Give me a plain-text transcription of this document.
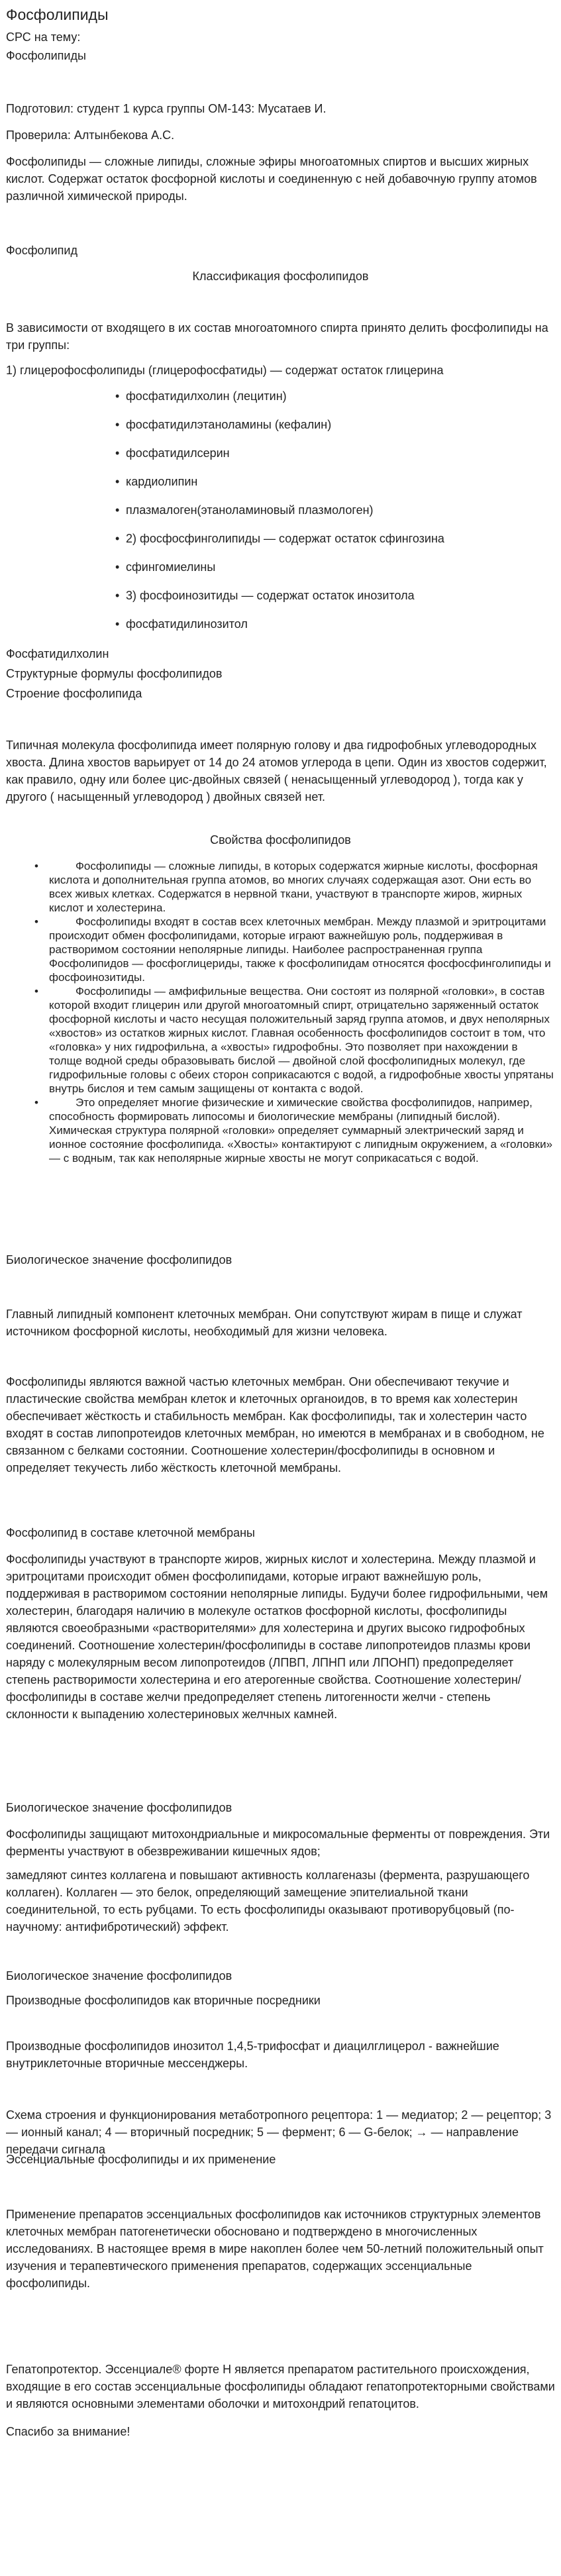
Фосфолипиды

СРС на тему:

Фосфолипиды

Подготовил: студент 1 курса группы ОМ-143: Мусатаев И.

Проверила: Алтынбекова А.С.

Фосфолипиды — сложные липиды, сложные эфиры многоатомных спиртов и высших жирных кислот. Содержат остаток фосфорной кислоты и соединенную с ней добавочную группу атомов различной химической природы.

Фосфолипид

Классификация фосфолипидов

В зависимости от входящего в их состав многоатомного спирта принято делить фосфолипиды на три группы:

1) глицерофосфолипиды (глицерофосфатиды) — содержат остаток глицерина

• фосфатидилхолин (лецитин)
• фосфатидилэтаноламины (кефалин)
• фосфатидилсерин
• кардиолипин
• плазмалоген(этаноламиновый плазмологен)
• 2) фосфосфинголипиды — содержат остаток сфингозина
• сфингомиелины
• 3) фосфоинозитиды — содержат остаток инозитола
• фосфатидилинозитол

Фосфатидилхолин

Структурные формулы фосфолипидов

Строение фосфолипида

Типичная молекула фосфолипида имеет полярную голову и два гидрофобных углеводородных хвоста. Длина хвостов варьирует от 14 до 24 атомов углерода в цепи. Один из хвостов содержит, как правило, одну или более цис-двойных связей ( ненасыщенный углеводород ), тогда как у другого ( насыщенный углеводород ) двойных связей нет.

Свойства фосфолипидов

•	Фосфолипиды — сложные липиды, в которых содержатся жирные кислоты, фосфорная кислота и дополнительная группа атомов, во многих случаях содержащая азот. Они есть во всех живых клетках. Содержатся в нервной ткани, участвуют в транспорте жиров, жирных кислот и холестерина.

•	Фосфолипиды входят в состав всех клеточных мембран. Между плазмой и эритроцитами происходит обмен фосфолипидами, которые играют важнейшую роль, поддерживая в растворимом состоянии неполярные липиды. Наиболее распространенная группа Фосфолипидов — фосфоглицериды, также к фосфолипидам относятся фосфосфинголипиды и фосфоинозитиды.

•	Фосфолипиды — амфифильные вещества. Они состоят из полярной «головки», в состав которой входит глицерин или другой многоатомный спирт, отрицательно заряженный остаток фосфорной кислоты и часто несущая положительный заряд группа атомов, и двух неполярных «хвостов» из остатков жирных кислот. Главная особенность фосфолипидов состоит в том, что «головка» у них гидрофильна, а «хвосты» гидрофобны. Это позволяет при нахождении в толще водной среды образовывать бислой — двойной слой фосфолипидных молекул, где гидрофильные головы с обеих сторон соприкасаются с водой, а гидрофобные хвосты упрятаны внутрь бислоя и тем самым защищены от контакта с водой.

•	Это определяет многие физические и химические свойства фосфолипидов, например, способность формировать липосомы и биологические мембраны (липидный бислой). Химическая структура полярной «головки» определяет суммарный электрический заряд и ионное состояние фосфолипида. «Хвосты» контактируют с липидным окружением, а «головки» — с водным, так как неполярные жирные хвосты не могут соприкасаться с водой.

Биологическое значение фосфолипидов

Главный липидный компонент клеточных мембран. Они сопутствуют жирам в пище и служат источником фосфорной кислоты, необходимый для жизни человека.

Фосфолипиды являются важной частью клеточных мембран. Они обеспечивают текучие и пластические свойства мембран клеток и клеточных органоидов, в то время как холестерин обеспечивает жёсткость и стабильность мембран. Как фосфолипиды, так и холестерин часто входят в состав липопротеидов клеточных мембран, но имеются в мембранах и в свободном, не связанном с белками состоянии. Соотношение холестерин/фосфолипиды в основном и определяет текучесть либо жёсткость клеточной мембраны.

Фосфолипид в составе клеточной мембраны

Фосфолипиды участвуют в транспорте жиров, жирных кислот и холестерина. Между плазмой и эритроцитами происходит обмен фосфолипидами, которые играют важнейшую роль, поддерживая в растворимом состоянии неполярные липиды. Будучи более гидрофильными, чем холестерин, благодаря наличию в молекуле остатков фосфорной кислоты, фосфолипиды являются своеобразными «растворителями» для холестерина и других высоко гидрофобных соединений. Соотношение холестерин/фосфолипиды в составе липопротеидов плазмы крови наряду с молекулярным весом липопротеидов (ЛПВП, ЛПНП или ЛПОНП) предопределяет степень растворимости холестерина и его атерогенные свойства. Соотношение холестерин/фосфолипиды в составе желчи предопределяет степень литогенности желчи - степень склонности к выпадению холестериновых желчных камней.

Биологическое значение фосфолипидов

Фосфолипиды защищают митохондриальные и микросомальные ферменты от повреждения. Эти ферменты участвуют в обезвреживании кишечных ядов;

замедляют синтез коллагена и повышают активность коллагеназы (фермента, разрушающего коллаген). Коллаген — это белок, определяющий замещение эпителиальной ткани соединительной, то есть рубцами. То есть фосфолипиды оказывают противорубцовый (по-научному: антифибротический) эффект.

Биологическое значение фосфолипидов

Производные фосфолипидов как вторичные посредники

Производные фосфолипидов инозитол 1,4,5-трифосфат и диацилглицерол - важнейшие внутриклеточные вторичные мессенджеры.

Схема строения и функционирования метаботропного рецептора: 1 — медиатор; 2 — рецептор; 3 — ионный канал; 4 — вторичный посредник; 5 — фермент; 6 — G-белок; → — направление передачи сигнала

Эссенциальные фосфолипиды и их применение

Применение препаратов эссенциальных фосфолипидов как источников структурных элементов клеточных мембран патогенетически обосновано и подтверждено в многочисленных исследованиях. В настоящее время в мире накоплен более чем 50-летний положительный опыт изучения и терапевтического применения препаратов, содержащих эссенциальные фосфолипиды.

Гепатопротектор. Эссенциале® форте Н является препаратом растительного происхождения, входящие в его состав эссенциальные фосфолипиды обладают гепатопротекторными свойствами и являются основными элементами оболочки и митохондрий гепатоцитов.

Спасибо за внимание!
